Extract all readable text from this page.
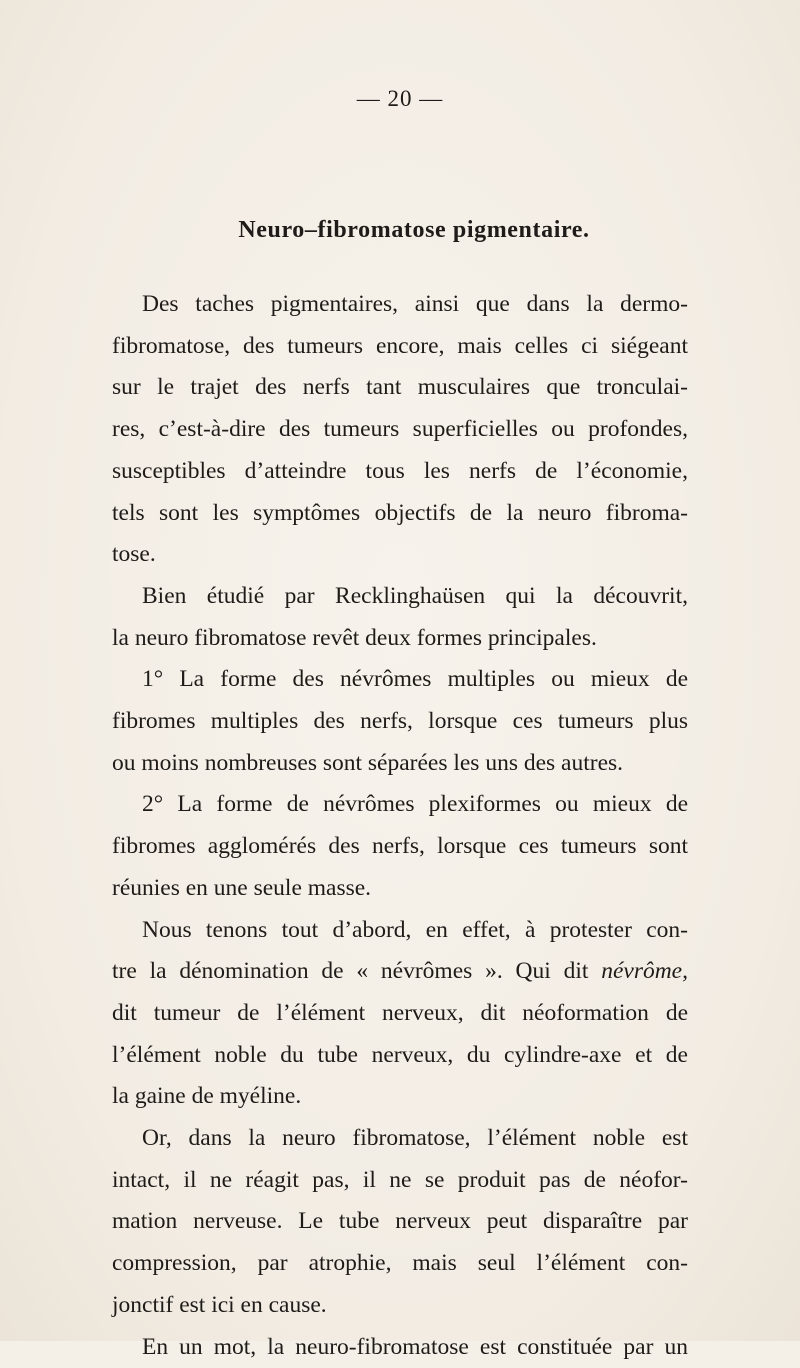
— 20 —
Neuro–fibromatose pigmentaire.

Des taches pigmentaires, ainsi que dans la dermo-
fibromatose, des tumeurs encore, mais celles ci siégeant
sur le trajet des nerfs tant musculaires que tronculai-
res, c’est-à-dire des tumeurs superficielles ou profondes,
susceptibles d’atteindre tous les nerfs de l’économie,
tels sont les symptômes objectifs de la neuro fibroma-
tose.

Bien étudié par Recklinghaüsen qui la découvrit,
la neuro fibromatose revêt deux formes principales.

1° La forme des névrômes multiples ou mieux de
fibromes multiples des nerfs, lorsque ces tumeurs plus
ou moins nombreuses sont séparées les uns des autres.

2° La forme de névrômes plexiformes ou mieux de
fibromes agglomérés des nerfs, lorsque ces tumeurs sont
réunies en une seule masse.

Nous tenons tout d’abord, en effet, à protester con-
tre la dénomination de « névrômes ». Qui dit névrôme,
dit tumeur de l’élément nerveux, dit néoformation de
l’élément noble du tube nerveux, du cylindre-axe et de
la gaine de myéline.

Or, dans la neuro fibromatose, l’élément noble est
intact, il ne réagit pas, il ne se produit pas de néofor-
mation nerveuse. Le tube nerveux peut disparaître par
compression, par atrophie, mais seul l’élément con-
jonctif est ici en cause.

En un mot, la neuro-fibromatose est constituée par un
